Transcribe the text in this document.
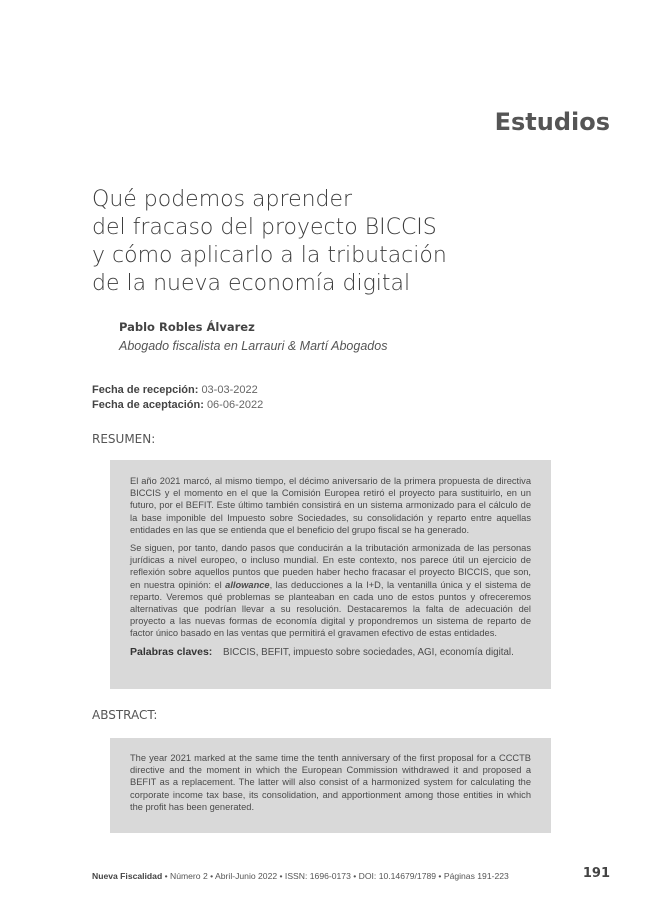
Estudios
Qué podemos aprender
del fracaso del proyecto BICCIS
y cómo aplicarlo a la tributación
de la nueva economía digital
Pablo Robles Álvarez
Abogado fiscalista en Larrauri & Martí Abogados
Fecha de recepción: 03-03-2022
Fecha de aceptación: 06-06-2022
RESUMEN:

El año 2021 marcó, al mismo tiempo, el décimo aniversario de la primera propuesta de directiva BICCIS y el momento en el que la Comisión Europea retiró el proyecto para sustituirlo, en un futuro, por el BEFIT. Este último también consistirá en un sistema armonizado para el cálculo de la base imponible del Impuesto sobre Sociedades, su consolidación y reparto entre aquellas entidades en las que se entienda que el beneficio del grupo fiscal se ha generado.

Se siguen, por tanto, dando pasos que conducirán a la tributación armonizada de las personas jurídicas a nivel europeo, o incluso mundial. En este contexto, nos parece útil un ejercicio de reflexión sobre aquellos puntos que pueden haber hecho fracasar el proyecto BICCIS, que son, en nuestra opinión: el allowance, las deducciones a la I+D, la ventanilla única y el sistema de reparto. Veremos qué problemas se planteaban en cada uno de estos puntos y ofreceremos alternativas que podrían llevar a su resolución. Destacaremos la falta de adecuación del proyecto a las nuevas formas de economía digital y propondremos un sistema de reparto de factor único basado en las ventas que permitirá el gravamen efectivo de estas entidades.

Palabras claves: BICCIS, BEFIT, impuesto sobre sociedades, AGI, economía digital.
ABSTRACT:

The year 2021 marked at the same time the tenth anniversary of the first proposal for a CCCTB directive and the moment in which the European Commission withdrawed it and proposed a BEFIT as a replacement. The latter will also consist of a harmonized system for calculating the corporate income tax base, its consolidation, and apportionment among those entities in which the profit has been generated.

Nueva Fiscalidad • Número 2 • Abril-Junio 2022 • ISSN: 1696-0173 • DOI: 10.14679/1789 • Páginas 191-223	191
